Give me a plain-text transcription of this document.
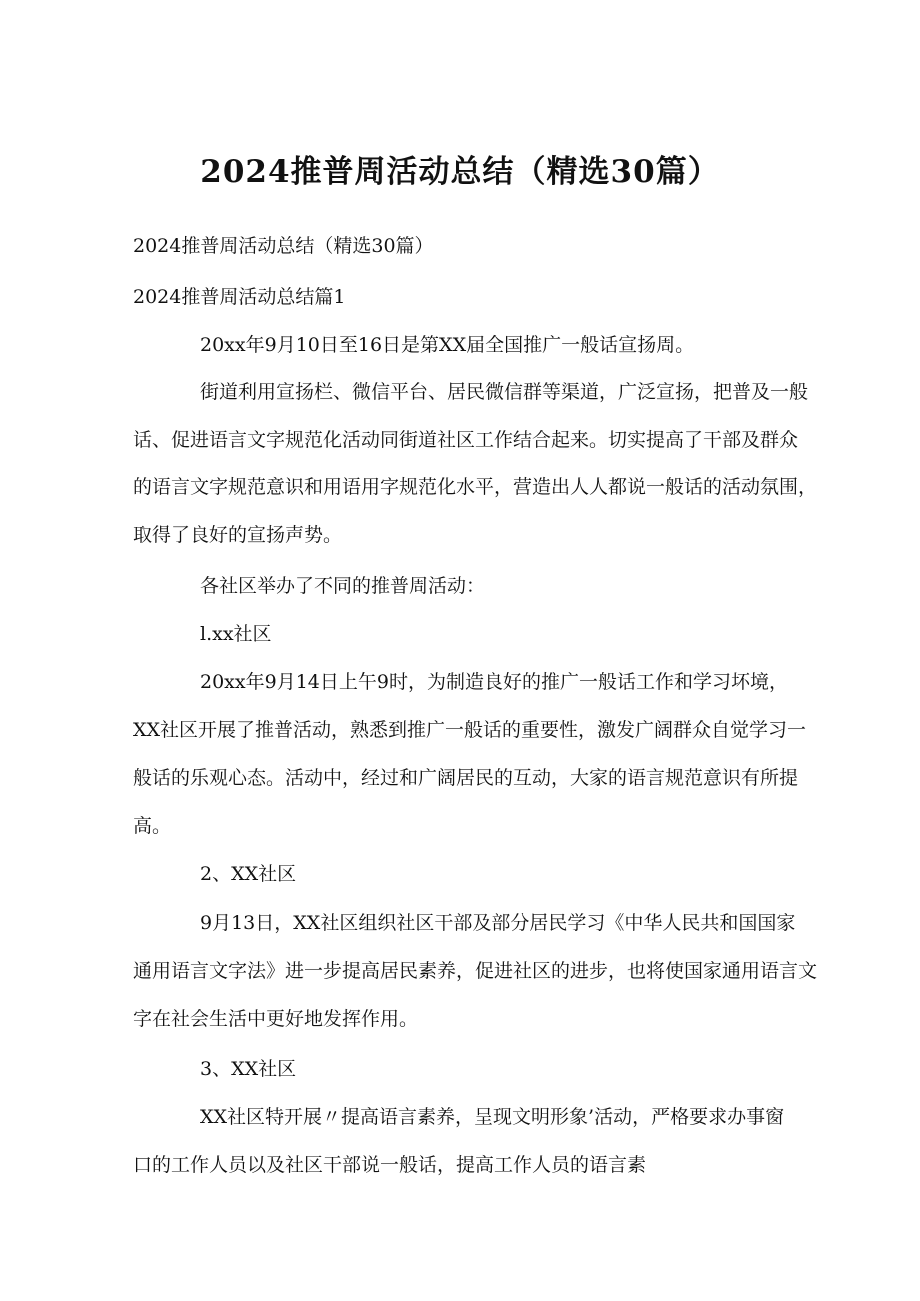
2024推普周活动总结（精选30篇）
2024推普周活动总结（精选30篇）
2024推普周活动总结篇1
20xx年9月10日至16日是第XX届全国推广一般话宣扬周。
街道利用宣扬栏、微信平台、居民微信群等渠道，广泛宣扬，把普及一般
话、促进语言文字规范化活动同街道社区工作结合起来。切实提高了干部及群众
的语言文字规范意识和用语用字规范化水平，营造出人人都说一般话的活动氛围，
取得了良好的宣扬声势。
各社区举办了不同的推普周活动：
l.xx社区
20xx年9月14日上午9时，为制造良好的推广一般话工作和学习坏境，
XX社区开展了推普活动，熟悉到推广一般话的重要性，激发广阔群众自觉学习一
般话的乐观心态。活动中，经过和广阔居民的互动，大家的语言规范意识有所提
高。
2、XX社区
9月13日，XX社区组织社区干部及部分居民学习《中华人民共和国国家
通用语言文字法》进一步提高居民素养，促进社区的进步，也将使国家通用语言文
字在社会生活中更好地发挥作用。
3、XX社区
XX社区特开展〃提高语言素养，呈现文明形象’活动，严格要求办事窗
口的工作人员以及社区干部说一般话，提高工作人员的语言素
